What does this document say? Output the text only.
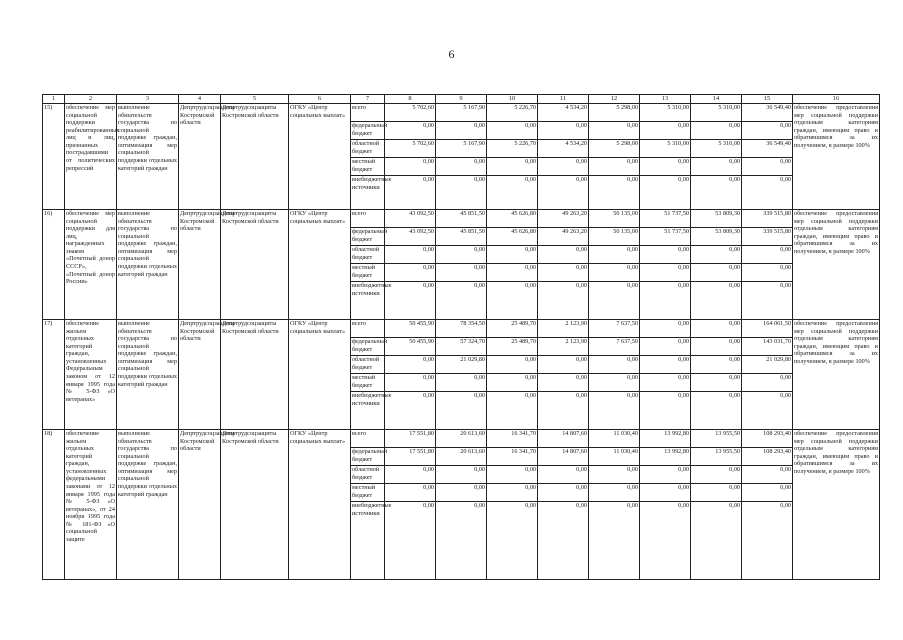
6
1	2	3	4	5	6	7	8	9	10	11	12	13	14	15	16
15)	обеспечение мер социальной поддержки реабилитированных лиц и лиц, признанных пострадавшими от политических репрессий	выполнение обязательств государства по социальной поддержке граждан, оптимизация мер социальной поддержки отдельных категорий граждан	Депртрудсоцзащиты Костромской области	Депртрудсоцзащиты Костромской области	ОГКУ «Центр социальных выплат»	всего	5 702,60	5 167,90	5 226,70	4 534,20	5 298,00	5 310,00	5 310,00	36 549,40	обеспечение предоставления мер социальной поддержки отдельным категориям граждан, имеющим право и обратившимся за их получением, в размере 100%
						федеральный бюджет	0,00	0,00	0,00	0,00	0,00	0,00	0,00	0,00	
						областной бюджет	5 702,60	5 167,90	5 226,70	4 534,20	5 298,00	5 310,00	5 310,00	36 549,40	
						местный бюджет	0,00	0,00	0,00	0,00	0,00	0,00	0,00	0,00	
						внебюджетные источники	0,00	0,00	0,00	0,00	0,00	0,00	0,00	0,00	
16)	обеспечение мер социальной поддержки для лиц, награжденных знаком «Почетный донор СССР», «Почетный донор России»	выполнение обязательств государства по социальной поддержке граждан, оптимизация мер социальной поддержки отдельных категорий граждан	Депртрудсоцзащиты Костромской области	Депртрудсоцзащиты Костромской области	ОГКУ «Центр социальных выплат»	всего	43 092,50	45 851,50	45 626,80	49 263,20	50 135,00	51 737,50	53 809,30	339 515,80	обеспечение предоставления мер социальной поддержки отдельным категориям граждан, имеющим право и обратившимся за их получением, в размере 100%
						федеральный бюджет	43 092,50	45 851,50	45 626,80	49 263,20	50 135,00	51 737,50	53 809,30	339 515,80	
						областной бюджет	0,00	0,00	0,00	0,00	0,00	0,00	0,00	0,00	
						местный бюджет	0,00	0,00	0,00	0,00	0,00	0,00	0,00	0,00	
						внебюджетные источники	0,00	0,00	0,00	0,00	0,00	0,00	0,00	0,00	
17)	обеспечение жильем отдельных категорий граждан, установленных Федеральным законом от 12 января 1995 года № 5-ФЗ «О ветеранах»	выполнение обязательств государства по социальной поддержке граждан, оптимизация мер социальной поддержки отдельных категорий граждан	Депртрудсоцзащиты Костромской области	Депртрудсоцзащиты Костромской области	ОГКУ «Центр социальных выплат»	всего	50 455,90	78 354,50	25 489,70	2 123,90	7 637,50	0,00	0,00	164 061,50	обеспечение предоставления мер социальной поддержки отдельным категориям граждан, имеющим право и обратившимся за их получением, в размере 100%
						федеральный бюджет	50 455,90	57 324,70	25 489,70	2 123,90	7 637,50	0,00	0,00	143 031,70	
						областной бюджет	0,00	21 029,80	0,00	0,00	0,00	0,00	0,00	21 029,80	
						местный бюджет	0,00	0,00	0,00	0,00	0,00	0,00	0,00	0,00	
						внебюджетные источники	0,00	0,00	0,00	0,00	0,00	0,00	0,00	0,00	
18)	обеспечение жильем отдельных категорий граждан, установленных федеральными законами от 12 января 1995 года № 5-ФЗ «О ветеранах», от 24 ноября 1995 года № 181-ФЗ «О социальной защите	выполнение обязательств государства по социальной поддержке граждан, оптимизация мер социальной поддержки отдельных категорий граждан	Депртрудсоцзащиты Костромской области	Депртрудсоцзащиты Костромской области	ОГКУ «Центр социальных выплат»	всего	17 551,80	20 613,60	16 341,70	14 807,60	11 030,40	13 992,80	13 955,50	108 293,40	обеспечение предоставления мер социальной поддержки отдельным категориям граждан, имеющим право и обратившимся за их получением, в размере 100%
						федеральный бюджет	17 551,80	20 613,60	16 341,70	14 807,60	11 030,40	13 992,80	13 955,50	108 293,40	
						областной бюджет	0,00	0,00	0,00	0,00	0,00	0,00	0,00	0,00	
						местный бюджет	0,00	0,00	0,00	0,00	0,00	0,00	0,00	0,00	
						внебюджетные источники	0,00	0,00	0,00	0,00	0,00	0,00	0,00	0,00	
